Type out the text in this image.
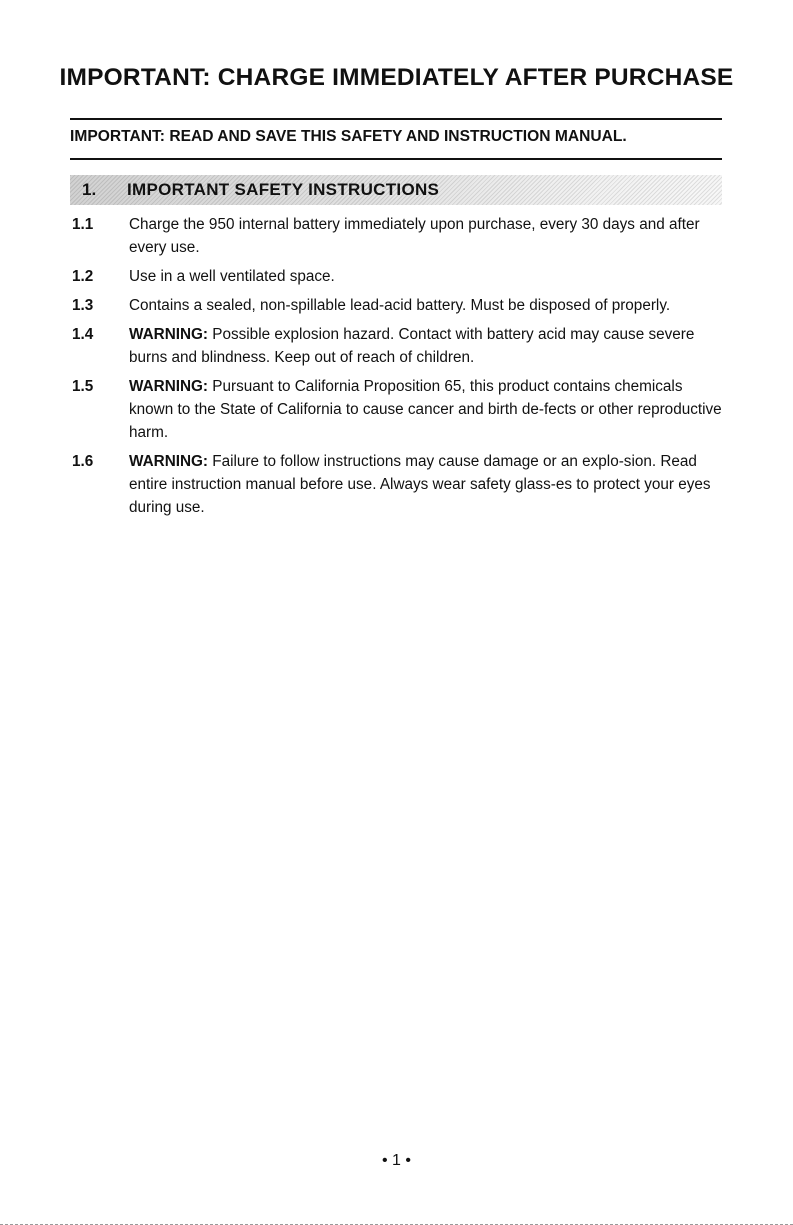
IMPORTANT: CHARGE IMMEDIATELY AFTER PURCHASE

IMPORTANT: READ AND SAVE THIS SAFETY AND INSTRUCTION MANUAL.

1. IMPORTANT SAFETY INSTRUCTIONS
1.1 Charge the 950 internal battery immediately upon purchase, every 30 days and after every use.
1.2 Use in a well ventilated space.
1.3 Contains a sealed, non-spillable lead-acid battery. Must be disposed of properly.
1.4 WARNING: Possible explosion hazard. Contact with battery acid may cause severe burns and blindness. Keep out of reach of children.
1.5 WARNING: Pursuant to California Proposition 65, this product contains chemicals known to the State of California to cause cancer and birth de-fects or other reproductive harm.
1.6 WARNING: Failure to follow instructions may cause damage or an explo-sion. Read entire instruction manual before use. Always wear safety glass-es to protect your eyes during use.
• 1 •
